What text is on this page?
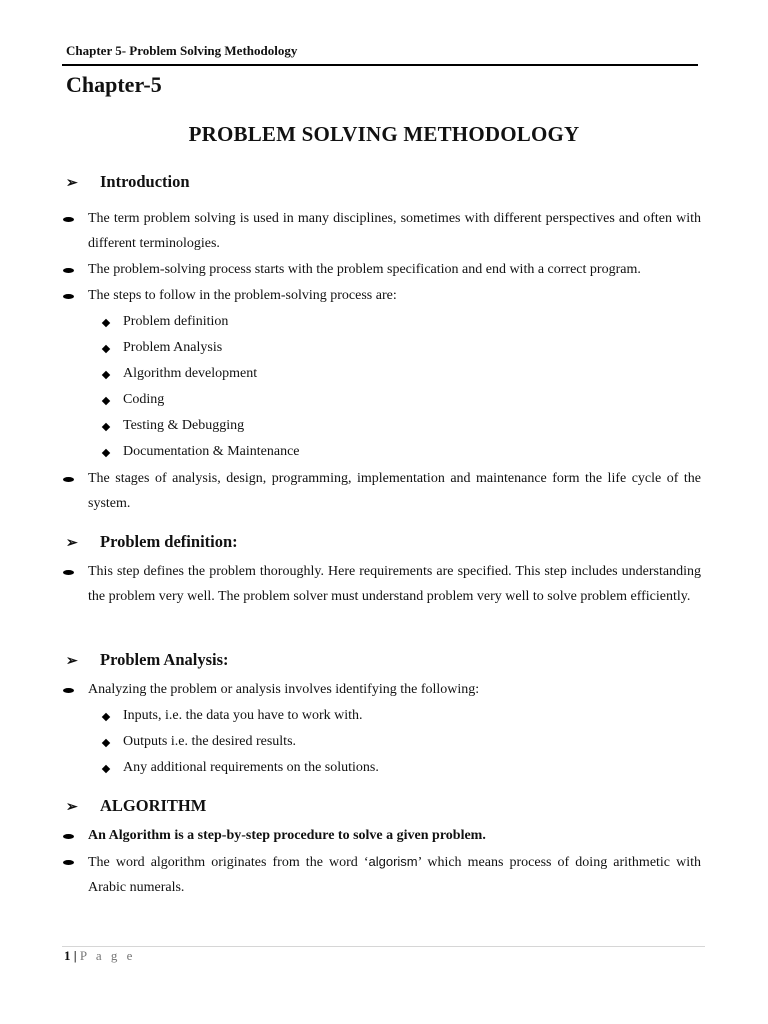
Chapter 5- Problem Solving Methodology
Chapter-5
PROBLEM SOLVING METHODOLOGY
➢ Introduction
The term problem solving is used in many disciplines, sometimes with different perspectives and often with different terminologies.
The problem-solving process starts with the problem specification and end with a correct program.
The steps to follow in the problem-solving process are:
Problem definition
Problem Analysis
Algorithm development
Coding
Testing & Debugging
Documentation & Maintenance
The stages of analysis, design, programming, implementation and maintenance form the life cycle of the system.
➢ Problem definition:
This step defines the problem thoroughly. Here requirements are specified. This step includes understanding the problem very well. The problem solver must understand problem very well to solve problem efficiently.
➢ Problem Analysis:
Analyzing the problem or analysis involves identifying the following:
Inputs, i.e. the data you have to work with.
Outputs i.e. the desired results.
Any additional requirements on the solutions.
➢ ALGORITHM
An Algorithm is a step-by-step procedure to solve a given problem.
The word algorithm originates from the word ‘algorism’ which means process of doing arithmetic with Arabic numerals.
1 | P a g e
